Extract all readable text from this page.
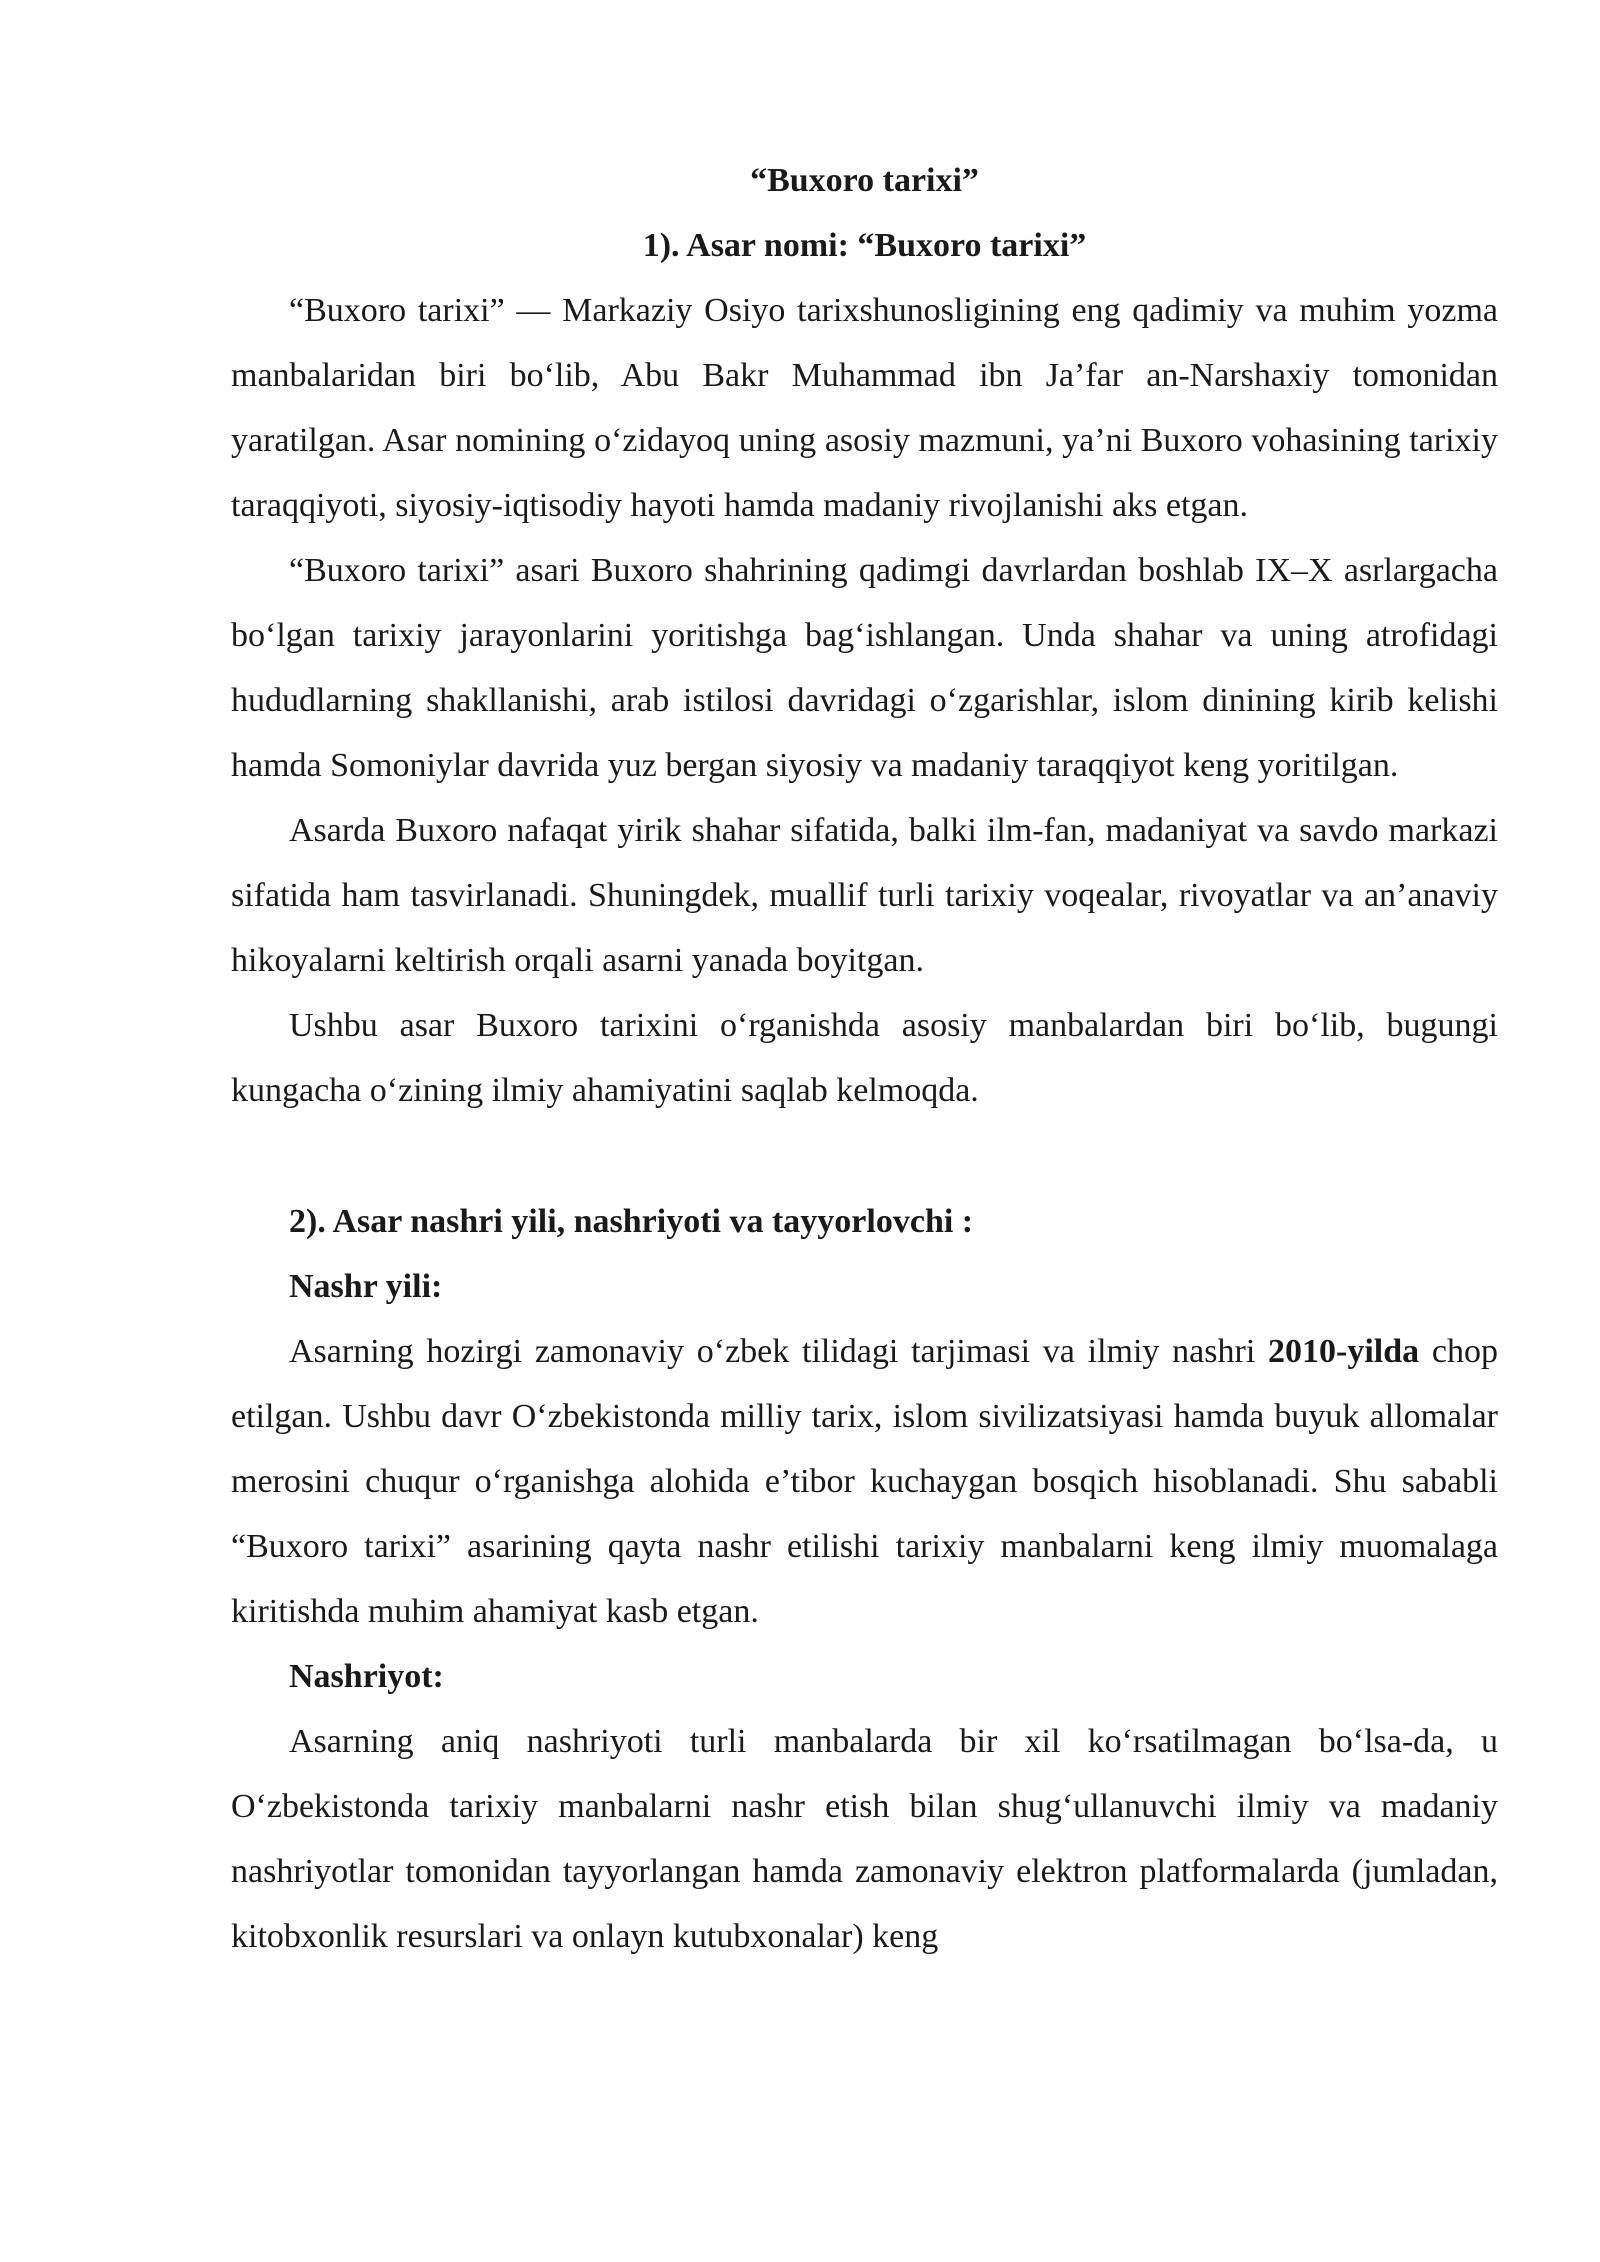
“Buxoro tarixi”

1). Asar nomi: “Buxoro tarixi”

“Buxoro tarixi” — Markaziy Osiyo tarixshunosligining eng qadimiy va muhim yozma manbalaridan biri bo‘lib, Abu Bakr Muhammad ibn Ja’far an-Narshaxiy tomonidan yaratilgan. Asar nomining o‘zidayoq uning asosiy mazmuni, ya’ni Buxoro vohasining tarixiy taraqqiyoti, siyosiy-iqtisodiy hayoti hamda madaniy rivojlanishi aks etgan.

“Buxoro tarixi” asari Buxoro shahrining qadimgi davrlardan boshlab IX–X asrlargacha bo‘lgan tarixiy jarayonlarini yoritishga bag‘ishlangan. Unda shahar va uning atrofidagi hududlarning shakllanishi, arab istilosi davridagi o‘zgarishlar, islom dinining kirib kelishi hamda Somoniylar davrida yuz bergan siyosiy va madaniy taraqqiyot keng yoritilgan.

Asarda Buxoro nafaqat yirik shahar sifatida, balki ilm-fan, madaniyat va savdo markazi sifatida ham tasvirlanadi. Shuningdek, muallif turli tarixiy voqealar, rivoyatlar va an’anaviy hikoyalarni keltirish orqali asarni yanada boyitgan.

Ushbu asar Buxoro tarixini o‘rganishda asosiy manbalardan biri bo‘lib, bugungi kungacha o‘zining ilmiy ahamiyatini saqlab kelmoqda.

2). Asar nashri yili, nashriyoti va tayyorlovchi :

Nashr yili:

Asarning hozirgi zamonaviy o‘zbek tilidagi tarjimasi va ilmiy nashri 2010-yilda chop etilgan. Ushbu davr O‘zbekistonda milliy tarix, islom sivilizatsiyasi hamda buyuk allomalar merosini chuqur o‘rganishga alohida e’tibor kuchaygan bosqich hisoblanadi. Shu sababli “Buxoro tarixi” asarining qayta nashr etilishi tarixiy manbalarni keng ilmiy muomalaga kiritishda muhim ahamiyat kasb etgan.

Nashriyot:

Asarning aniq nashriyoti turli manbalarda bir xil ko‘rsatilmagan bo‘lsa-da, u O‘zbekistonda tarixiy manbalarni nashr etish bilan shug‘ullanuvchi ilmiy va madaniy nashriyotlar tomonidan tayyorlangan hamda zamonaviy elektron platformalarda (jumladan, kitobxonlik resurslari va onlayn kutubxonalar) keng
